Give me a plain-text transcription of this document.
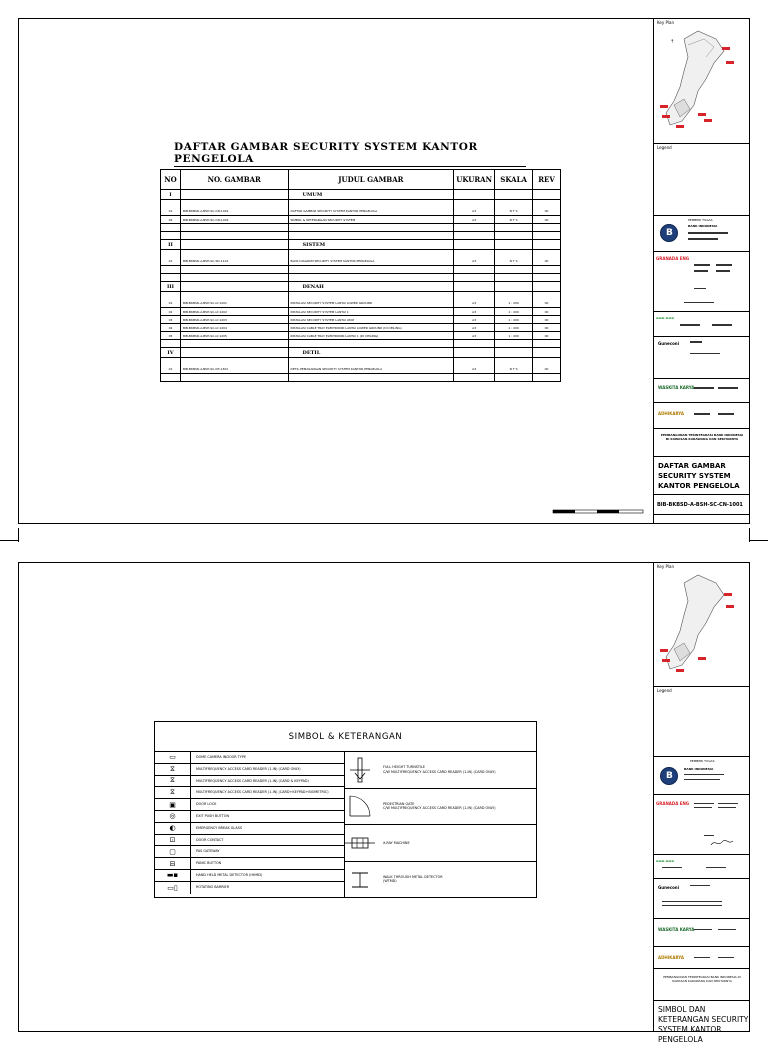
DAFTAR GAMBAR SECURITY SYSTEM KANTOR PENGELOLA
NO	NO. GAMBAR	JUDUL GAMBAR	UKURAN	SKALA	REV
I		UMUM			

01	BIB-BKBSD-A-BSH-SC-CN-1001	DAFTAR GAMBAR SECURITY SYSTEM KANTOR PENGELOLA	A3	N T S	00
02	BIB-BKBSD-A-BSH-SC-CN-1002	SIMBOL & KETERANGAN SECURITY SYSTEM	A3	N T S	00

II		SISTEM			

01	BIB-BKBSD-A-BSH-SC-SD-1101	BLOK DIAGRAM SECURITY SYSTEM KANTOR PENGELOLA	A3	N T S	00

III		DENAH			

01	BIB-BKBSD-A-BSH-SC-LY-1201	INSTALASI SECURITY SYSTEM LANTAI LOWER GROUND	A3	1 : 200	00
02	BIB-BKBSD-A-BSH-SC-LY-1202	INSTALASI SECURITY SYSTEM LANTAI 1	A3	1 : 200	00
03	BIB-BKBSD-A-BSH-SC-LY-1203	INSTALASI SECURITY SYSTEM LANTAI ATAP	A3	1 : 200	00
04	BIB-BKBSD-A-BSH-SC-LY-1204	INSTALASI CABLE TRAY ELEKTRONIK LANTAI LOWER GROUND (DI CEILING)	A3	1 : 200	00
05	BIB-BKBSD-A-BSH-SC-LY-1205	INSTALASI CABLE TRAY ELEKTRONIK LANTAI 1 (DI CEILING)	A3	1 : 200	00

IV		DETIL			

01	BIB-BKBSD-A-BSH-SC-DT-1302	DETIL PEMASANGAN SECURITY SYSTEM KANTOR PENGELOLA	A3	N T S	00

Key Plan
⇡
Legend
PEMBERI TUGAS
B
BANK INDONESIA
GRANADA ENG
▬▬▬ ▬▬▬
Guneconi
WASKITA KARYA
ADHIKARYA
PEMBANGUNAN TERINTEGRASI BANK INDONESIA DI KAWASAN KARAWANG DAN SEKITARNYA
DAFTAR GAMBAR SECURITY SYSTEM KANTOR PENGELOLA
BIB-BKBSD-A-BSH-SC-CN-1001
SIMBOL & KETERANGAN
▭	DOME CAMERA INDOOR TYPE
⧖	MULTIFREQUENCY ACCESS CARD READER (1-IN) (CARD ONLY)
⧖	MULTIFREQUENCY ACCESS CARD READER (1-IN) (CARD & KEYPAD)
⧖	MULTIFREQUENCY ACCESS CARD READER (1-IN) (CARD+KEYPAD+BIOMETRIC)
▣	DOOR LOCK
◎	EXIT PUSH BUTTON
◐	EMERGENCY BREAK GLASS
⊡	DOOR CONTACT
▢	PAS GATEWAY
⊟	PANIC BUTTON
▬▪	HAND HELD METAL DETECTOR (HHMD)
▭▯	ROTATING BARRIER
FULL HEIGHT TURNSTILE
C/W MULTIFREQUENCY ACCESS CARD READER (1-IN) (CARD ONLY)
PEDESTRIAN GATE
C/W MULTIFREQUENCY ACCESS CARD READER (1-IN) (CARD ONLY)
X-RAY MACHINE
WALK THROUGH METAL DETECTOR
(WTMD)
Key Plan
Legend
PEMBERI TUGAS
B
BANK INDONESIA
GRANADA ENG
▬▬▬ ▬▬▬
Guneconi
WASKITA KARYA
ADHIKARYA
PEMBANGUNAN TERINTEGRASI BANK INDONESIA DI KAWASAN KARAWANG DAN SEKITARNYA
SIMBOL DAN KETERANGAN SECURITY SYSTEM KANTOR PENGELOLA
